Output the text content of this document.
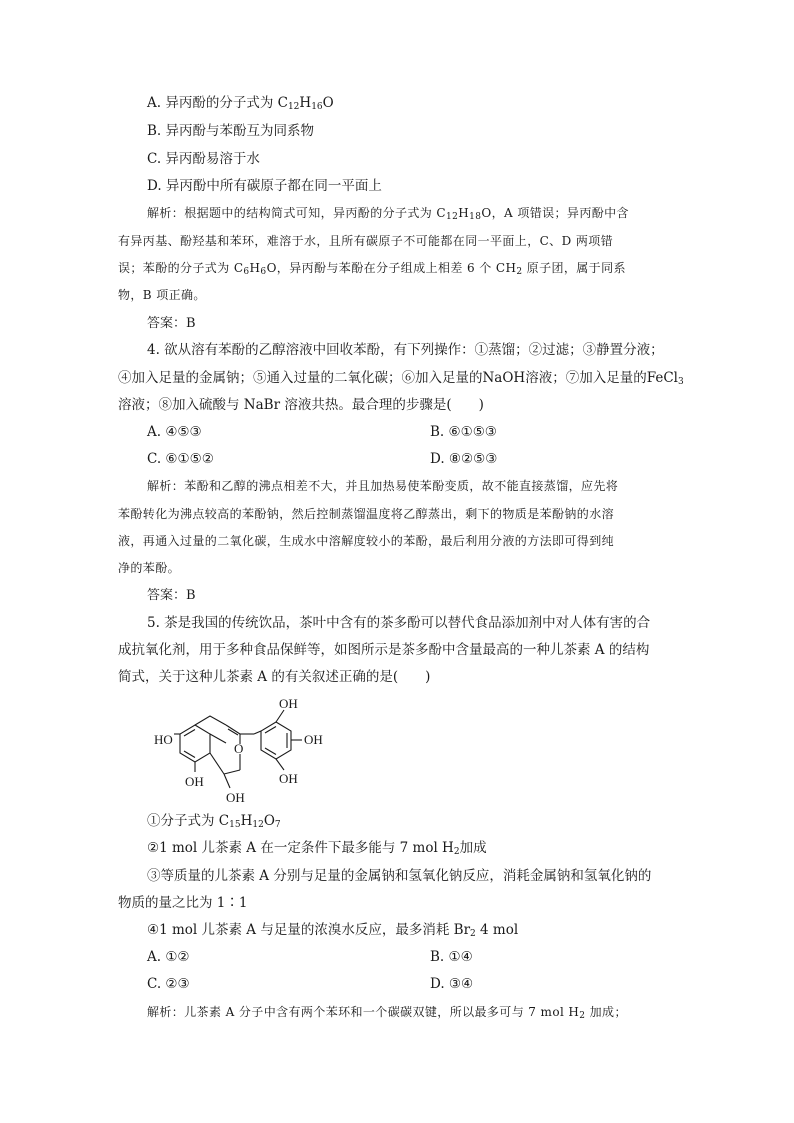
A. 异丙酚的分子式为 $C_{12}H_{16}O$
B. 异丙酚与苯酚互为同系物
C. 异丙酚易溶于水
D. 异丙酚中所有碳原子都在同一平面上
解析：根据题中的结构简式可知，异丙酚的分子式为 $C_{12}H_{18}O$，A 项错误；异丙酚中含
有异丙基、酚羟基和苯环，难溶于水，且所有碳原子不可能都在同一平面上，C、D 两项错
误；苯酚的分子式为 $C_6H_6O$，异丙酚与苯酚在分子组成上相差 6 个 $CH_2$ 原子团，属于同系
物，B 项正确。
答案：B
4. 欲从溶有苯酚的乙醇溶液中回收苯酚，有下列操作：①蒸馏；②过滤；③静置分液；
④加入足量的金属钠；⑤通入过量的二氧化碳；⑥加入足量的NaOH溶液；⑦加入足量的FeCl$_3$
溶液；⑧加入硫酸与 NaBr 溶液共热。最合理的步骤是(　　)
A. ④⑤③	B. ⑥①⑤③
C. ⑥①⑤②	D. ⑧②⑤③
解析：苯酚和乙醇的沸点相差不大，并且加热易使苯酚变质，故不能直接蒸馏，应先将
苯酚转化为沸点较高的苯酚钠，然后控制蒸馏温度将乙醇蒸出，剩下的物质是苯酚钠的水溶
液，再通入过量的二氧化碳，生成水中溶解度较小的苯酚，最后利用分液的方法即可得到纯
净的苯酚。
答案：B
5. 茶是我国的传统饮品，茶叶中含有的茶多酚可以替代食品添加剂中对人体有害的合
成抗氧化剂，用于多种食品保鲜等，如图所示是茶多酚中含量最高的一种儿茶素 A 的结构
简式，关于这种儿茶素 A 的有关叙述正确的是(　　)
HO
O
OH
OH
OH
OH
OH
①分子式为 $C_{15}H_{12}O_7$
②1 mol 儿茶素 A 在一定条件下最多能与 7 mol $H_2$加成
③等质量的儿茶素 A 分别与足量的金属钠和氢氧化钠反应，消耗金属钠和氢氧化钠的
物质的量之比为 1∶1
④1 mol 儿茶素 A 与足量的浓溴水反应，最多消耗 $Br_2$ 4 mol
A. ①②	B. ①④
C. ②③	D. ③④
解析：儿茶素 A 分子中含有两个苯环和一个碳碳双键，所以最多可与 7 mol $H_2$ 加成；
